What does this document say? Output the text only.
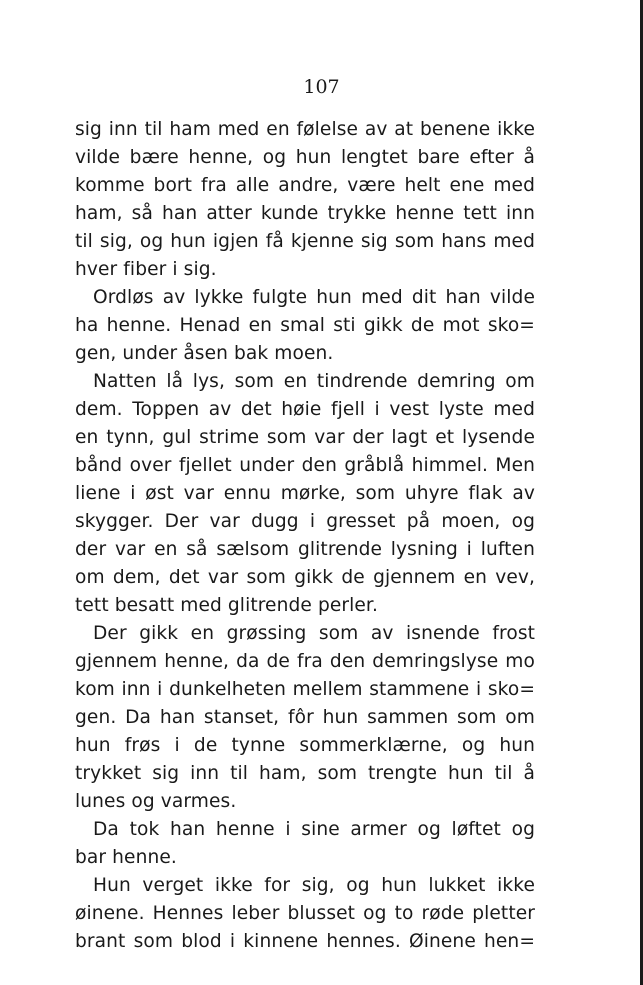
107
sig inn til ham med en følelse av at benene ikke
vilde bære henne, og hun lengtet bare efter å
komme bort fra alle andre, være helt ene med
ham, så han atter kunde trykke henne tett inn
til sig, og hun igjen få kjenne sig som hans med
hver fiber i sig.
Ordløs av lykke fulgte hun med dit han vilde
ha henne. Henad en smal sti gikk de mot sko=
gen, under åsen bak moen.
Natten lå lys, som en tindrende demring om
dem. Toppen av det høie fjell i vest lyste med
en tynn, gul strime som var der lagt et lysende
bånd over fjellet under den gråblå himmel. Men
liene i øst var ennu mørke, som uhyre flak av
skygger. Der var dugg i gresset på moen, og
der var en så sælsom glitrende lysning i luften
om dem, det var som gikk de gjennem en vev,
tett besatt med glitrende perler.
Der gikk en grøssing som av isnende frost
gjennem henne, da de fra den demringslyse mo
kom inn i dunkelheten mellem stammene i sko=
gen. Da han stanset, fôr hun sammen som om
hun frøs i de tynne sommerklærne, og hun
trykket sig inn til ham, som trengte hun til å
lunes og varmes.
Da tok han henne i sine armer og løftet og
bar henne.
Hun verget ikke for sig, og hun lukket ikke
øinene. Hennes leber blusset og to røde pletter
brant som blod i kinnene hennes. Øinene hen=
